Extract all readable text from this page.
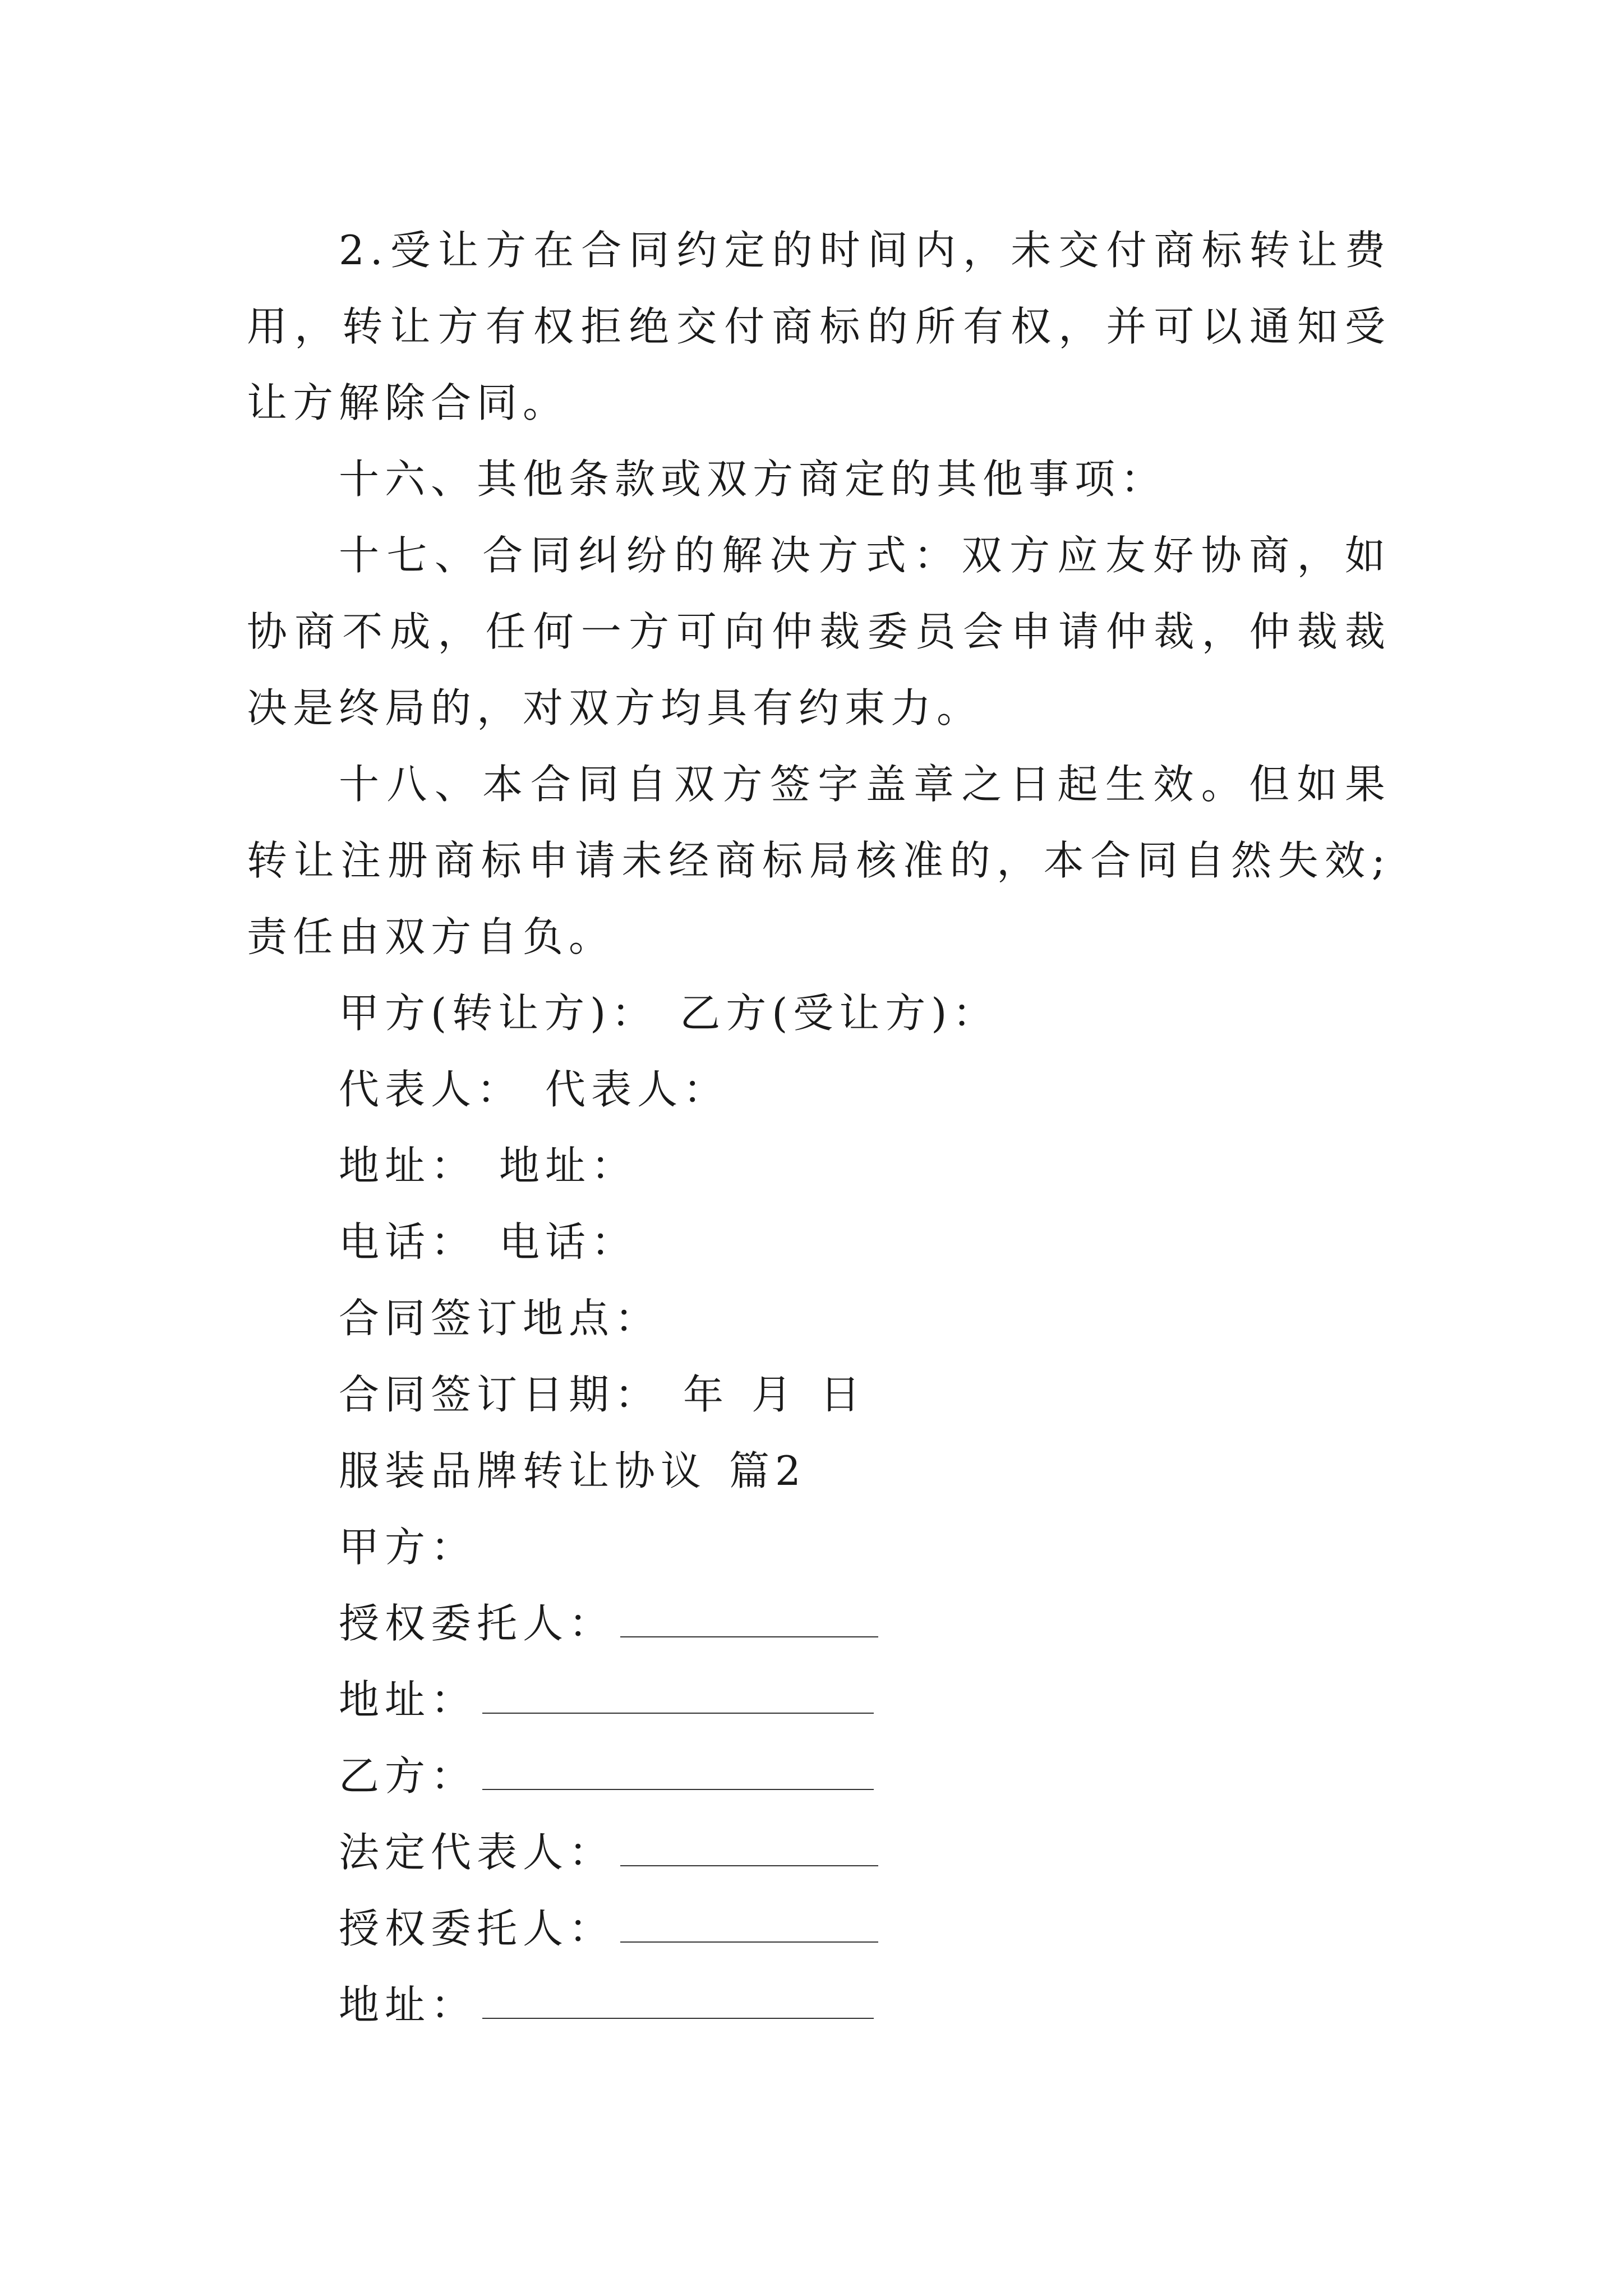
2.受让方在合同约定的时间内，未交付商标转让费用，转让方有权拒绝交付商标的所有权，并可以通知受让方解除合同。

十六、其他条款或双方商定的其他事项：

十七、合同纠纷的解决方式：双方应友好协商，如协商不成，任何一方可向仲裁委员会申请仲裁，仲裁裁决是终局的，对双方均具有约束力。

十八、本合同自双方签字盖章之日起生效。但如果转让注册商标申请未经商标局核准的，本合同自然失效;责任由双方自负。

甲方(转让方)： 乙方(受让方)：
代表人： 代表人：
地址： 地址：
电话： 电话：
合同签订地点：
合同签订日期： 年 月 日
服装品牌转让协议 篇2
甲方：
授权委托人：
地址：
乙方：
法定代表人：
授权委托人：
地址：
